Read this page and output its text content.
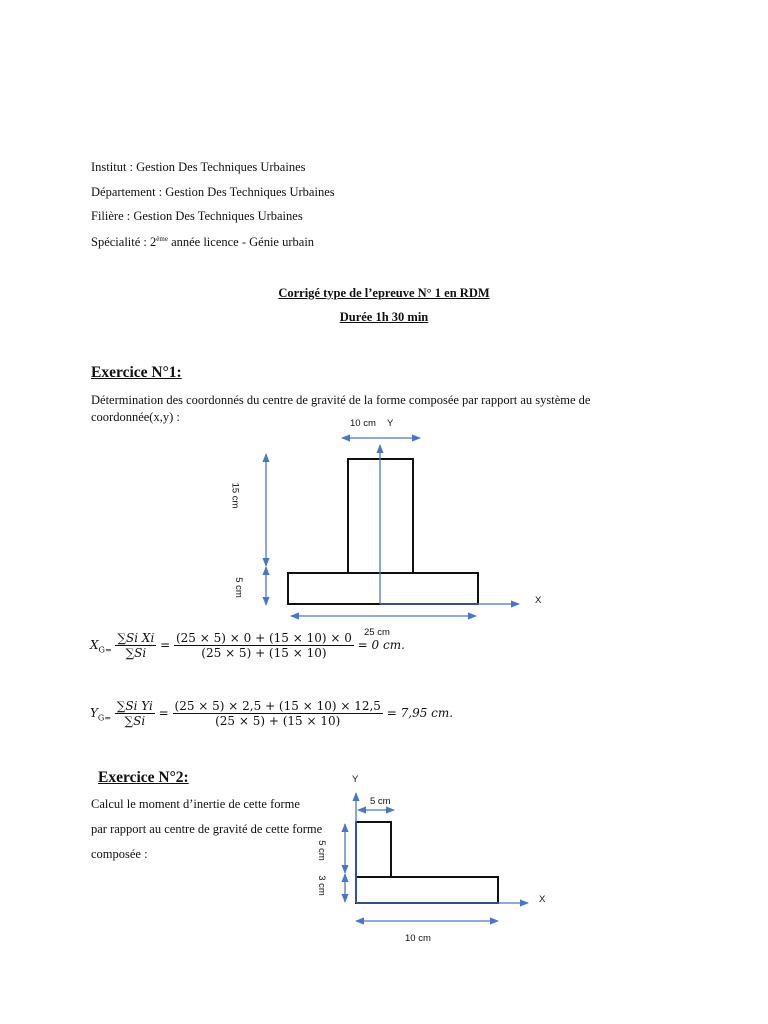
Institut : Gestion Des Techniques Urbaines
Département : Gestion Des Techniques Urbaines
Filière : Gestion Des Techniques Urbaines
Spécialité : 2ème année licence - Génie urbain
Corrigé type de l’epreuve N° 1 en RDM
Durée 1h 30 min
Exercice N°1:
Détermination des coordonnés du centre de gravité de la forme composée par rapport au système de
coordonnée(x,y) :	10 cm Y
15 cm
5 cm
X
25 cm
$X_{G=} \frac{\text{∑Si Xi}}{\sum Si} = \frac{(25 \times 5) \times 0 + (15 \times 10) \times 0}{(25 \times 5) + (15 \times 10)} = 0$ cm.
$Y_{G=} \frac{\text{∑Si Yi}}{\sum Si} = \frac{(25 \times 5) \times 2,5 + (15 \times 10) \times 12,5}{(25 \times 5) + (15 \times 10)} = 7,95$ cm.
Exercice N°2:
Calcul le moment d’inertie de cette forme
par rapport au centre de gravité de cette forme
composée :
Y
5 cm
5 cm
3 cm
X
10 cm
